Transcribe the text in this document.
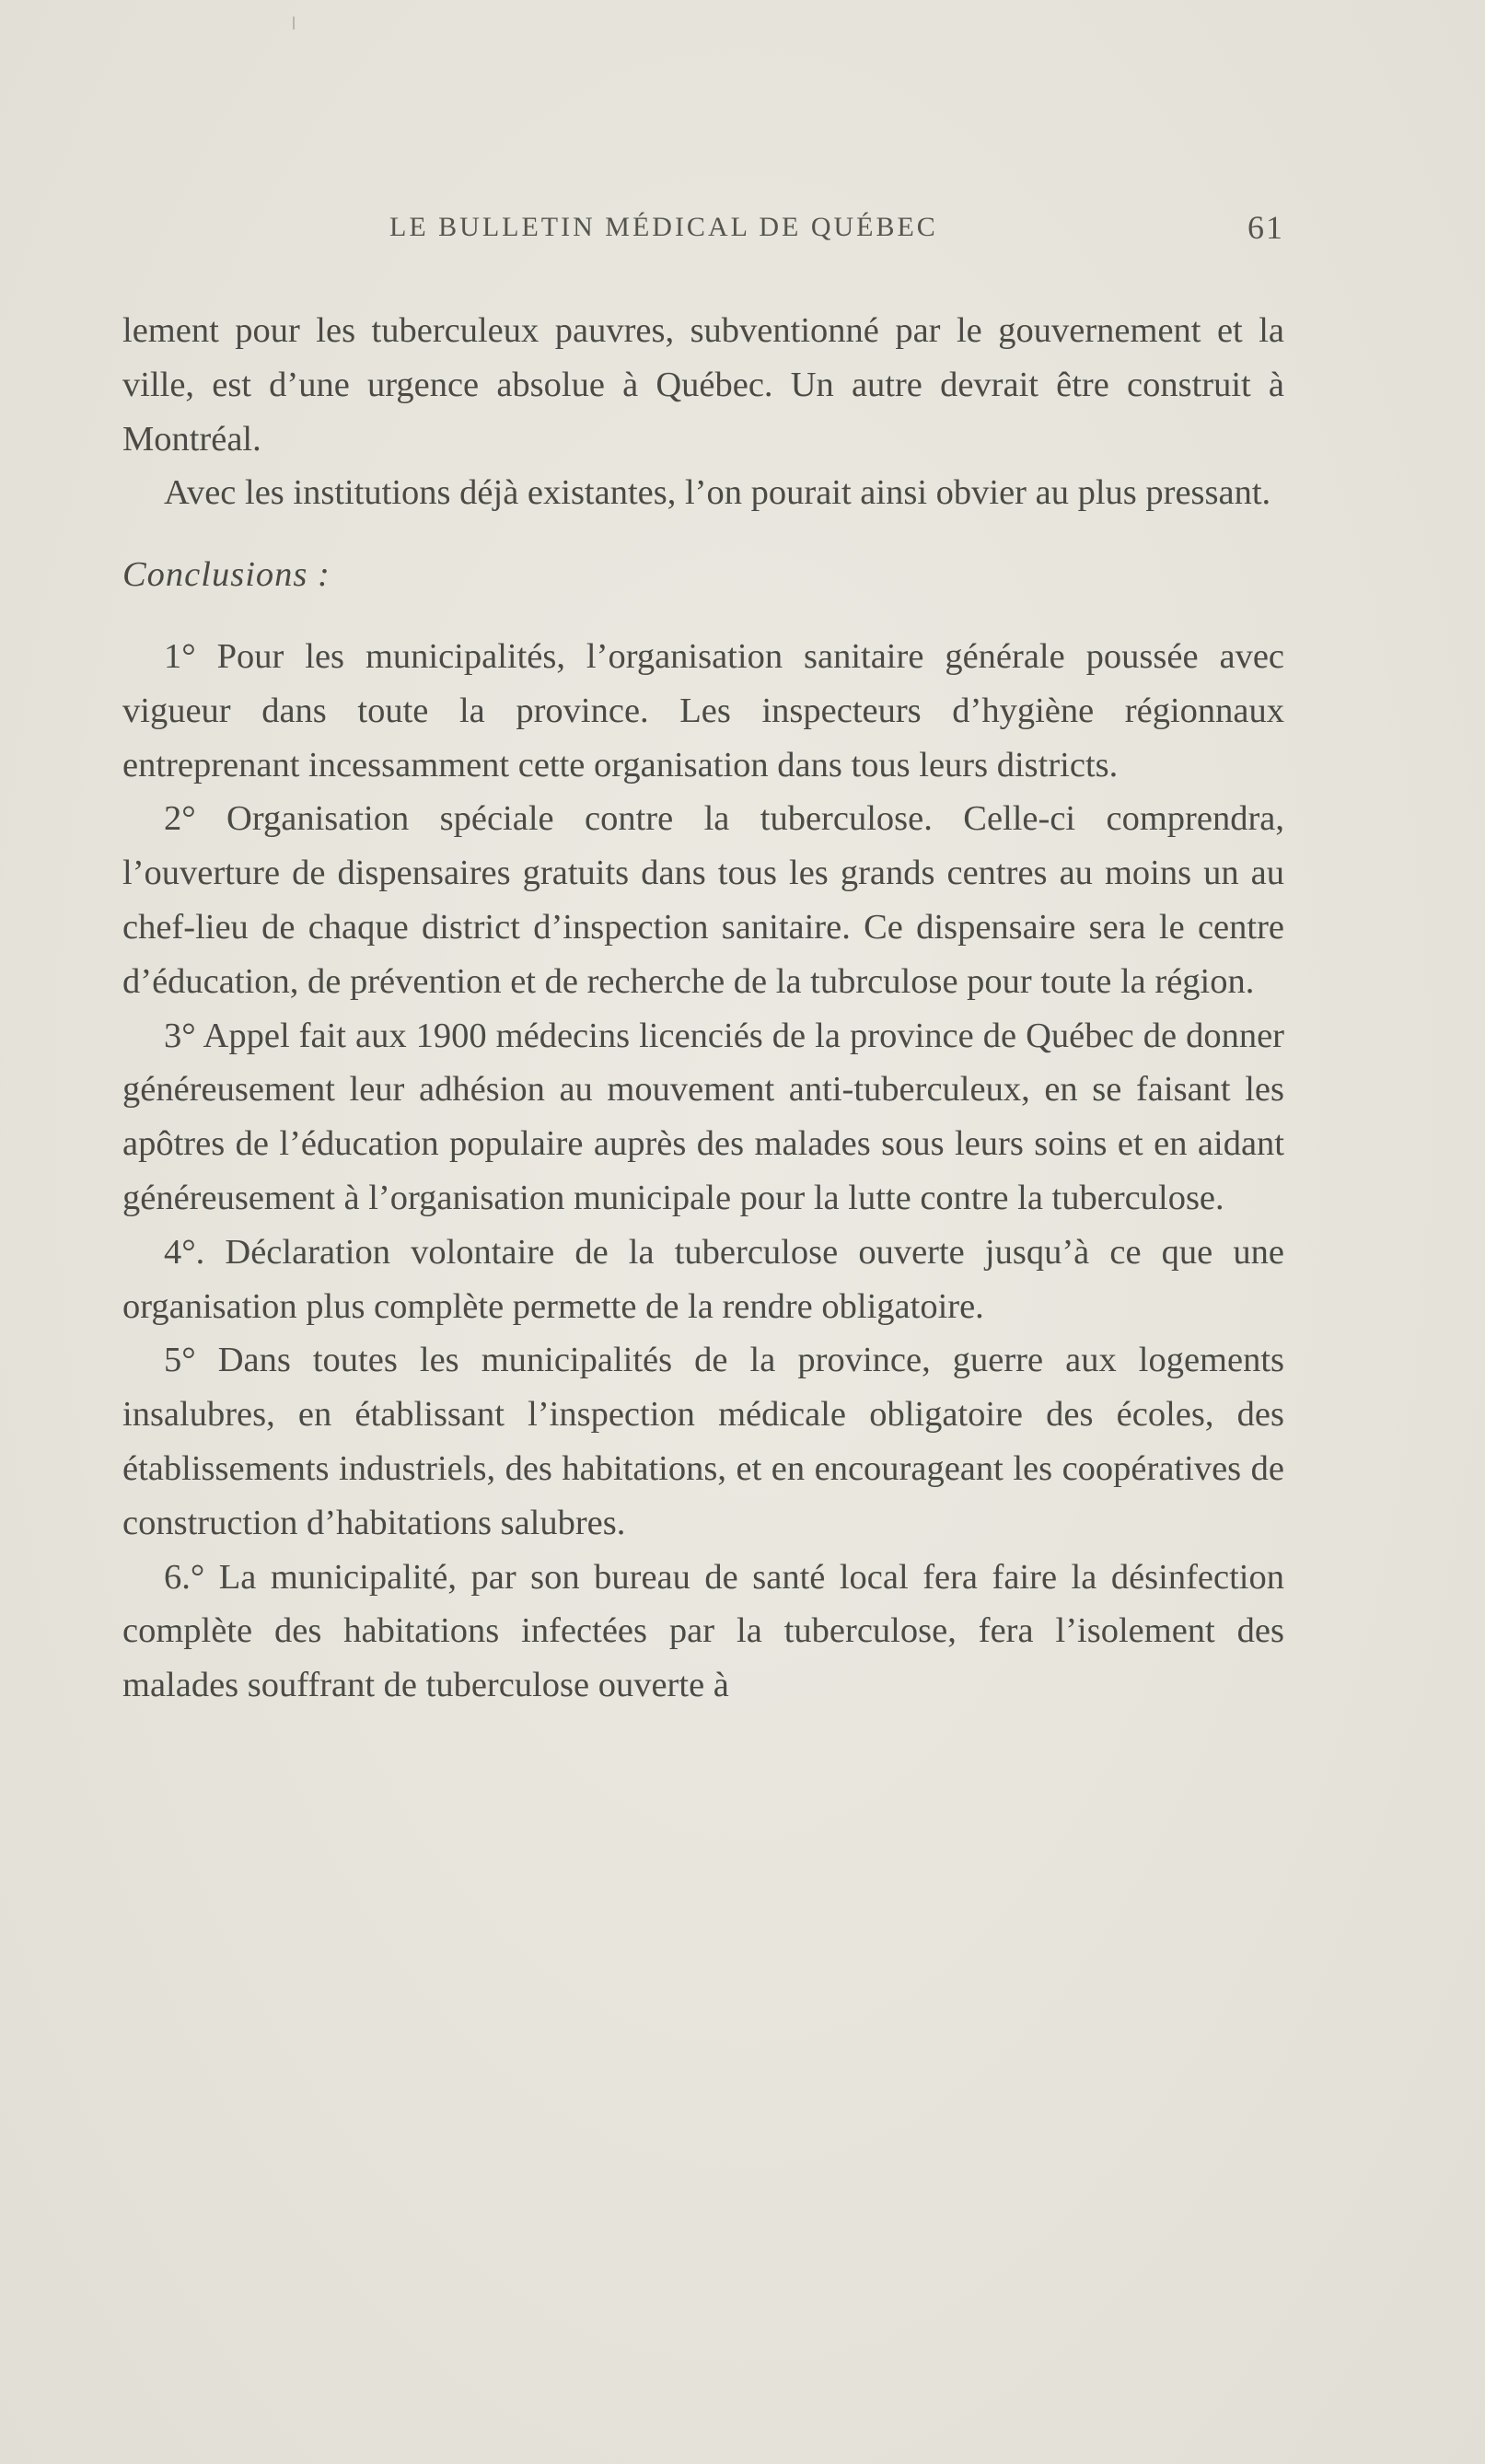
LE BULLETIN MÉDICAL DE QUÉBEC	61

lement pour les tuberculeux pauvres, subventionné par le gouvernement et la ville, est d’une urgence absolue à Québec. Un autre devrait être construit à Montréal.

Avec les institutions déjà existantes, l’on pourait ainsi obvier au plus pressant.

Conclusions :

1° Pour les municipalités, l’organisation sanitaire générale poussée avec vigueur dans toute la province. Les inspecteurs d’hygiène régionnaux entreprenant incessamment cette organisation dans tous leurs districts.

2° Organisation spéciale contre la tuberculose. Celle-ci comprendra, l’ouverture de dispensaires gratuits dans tous les grands centres au moins un au chef-lieu de chaque district d’inspection sanitaire. Ce dispensaire sera le centre d’éducation, de prévention et de recherche de la tubrculose pour toute la région.

3° Appel fait aux 1900 médecins licenciés de la province de Québec de donner généreusement leur adhésion au mouvement anti-tuberculeux, en se faisant les apôtres de l’éducation populaire auprès des malades sous leurs soins et en aidant généreusement à l’organisation municipale pour la lutte contre la tuberculose.

4°. Déclaration volontaire de la tuberculose ouverte jusqu’à ce que une organisation plus complète permette de la rendre obligatoire.

5° Dans toutes les municipalités de la province, guerre aux logements insalubres, en établissant l’inspection médicale obligatoire des écoles, des établissements industriels, des habitations, et en encourageant les coopératives de construction d’habitations salubres.

6.° La municipalité, par son bureau de santé local fera faire la désinfection complète des habitations infectées par la tuberculose, fera l’isolement des malades souffrant de tuberculose ouverte à
